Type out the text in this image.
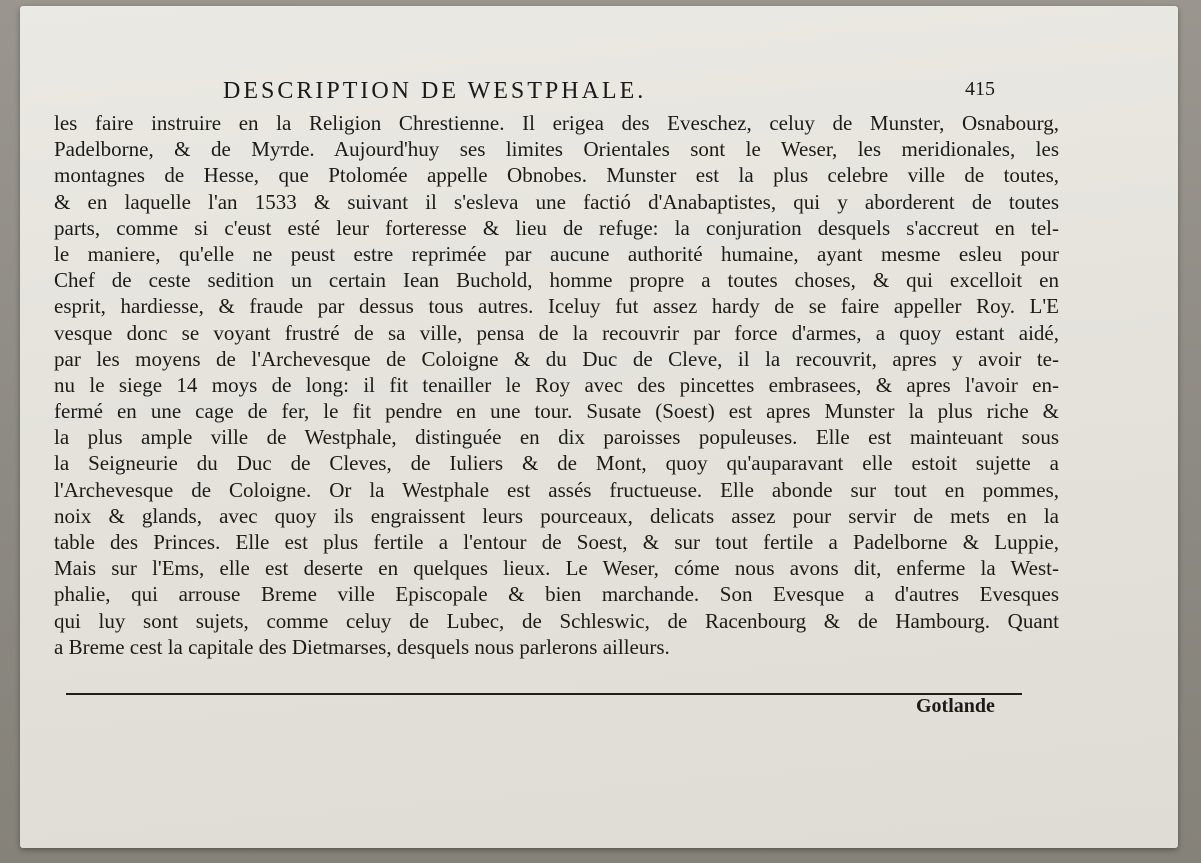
DESCRIPTION DE WESTPHALE.	415
les faire instruire en la Religion Chrestienne. Il erigea des Eveschez, celuy de Munster, Osnabourg,
Padelborne, & de Myтde. Aujourd'huy ses limites Orientales sont le Weser, les meridionales, les
montagnes de Hesse, que Ptolomée appelle Obnobes. Munster est la plus celebre ville de toutes,
& en laquelle l'an 1533 & suivant il s'esleva une factió d'Anabaptistes, qui y aborderent de toutes
parts, comme si c'eust esté leur forteresse & lieu de refuge: la conjuration desquels s'accreut en tel-
le maniere, qu'elle ne peust estre reprimée par aucune authorité humaine, ayant mesme esleu pour
Chef de ceste sedition un certain Iean Buchold, homme propre a toutes choses, & qui excelloit en
esprit, hardiesse, & fraude par dessus tous autres. Iceluy fut assez hardy de se faire appeller Roy. L'E
vesque donc se voyant frustré de sa ville, pensa de la recouvrir par force d'armes, a quoy estant aidé,
par les moyens de l'Archevesque de Coloigne & du Duc de Cleve, il la recouvrit, apres y avoir te-
nu le siege 14 moys de long: il fit tenailler le Roy avec des pincettes embrasees, & apres l'avoir en-
fermé en une cage de fer, le fit pendre en une tour. Susate (Soest) est apres Munster la plus riche &
la plus ample ville de Westphale, distinguée en dix paroisses populeuses. Elle est mainteuant sous
la Seigneurie du Duc de Cleves, de Iuliers & de Mont, quoy qu'auparavant elle estoit sujette a
l'Archevesque de Coloigne. Or la Westphale est assés fructueuse. Elle abonde sur tout en pommes,
noix & glands, avec quoy ils engraissent leurs pourceaux, delicats assez pour servir de mets en la
table des Princes. Elle est plus fertile a l'entour de Soest, & sur tout fertile a Padelborne & Luppie,
Mais sur l'Ems, elle est deserte en quelques lieux. Le Weser, cóme nous avons dit, enferme la West-
phalie, qui arrouse Breme ville Episcopale & bien marchande. Son Evesque a d'autres Evesques
qui luy sont sujets, comme celuy de Lubec, de Schleswic, de Racenbourg & de Hambourg. Quant
a Breme cest la capitale des Dietmarses, desquels nous parlerons ailleurs.
Gotlande
